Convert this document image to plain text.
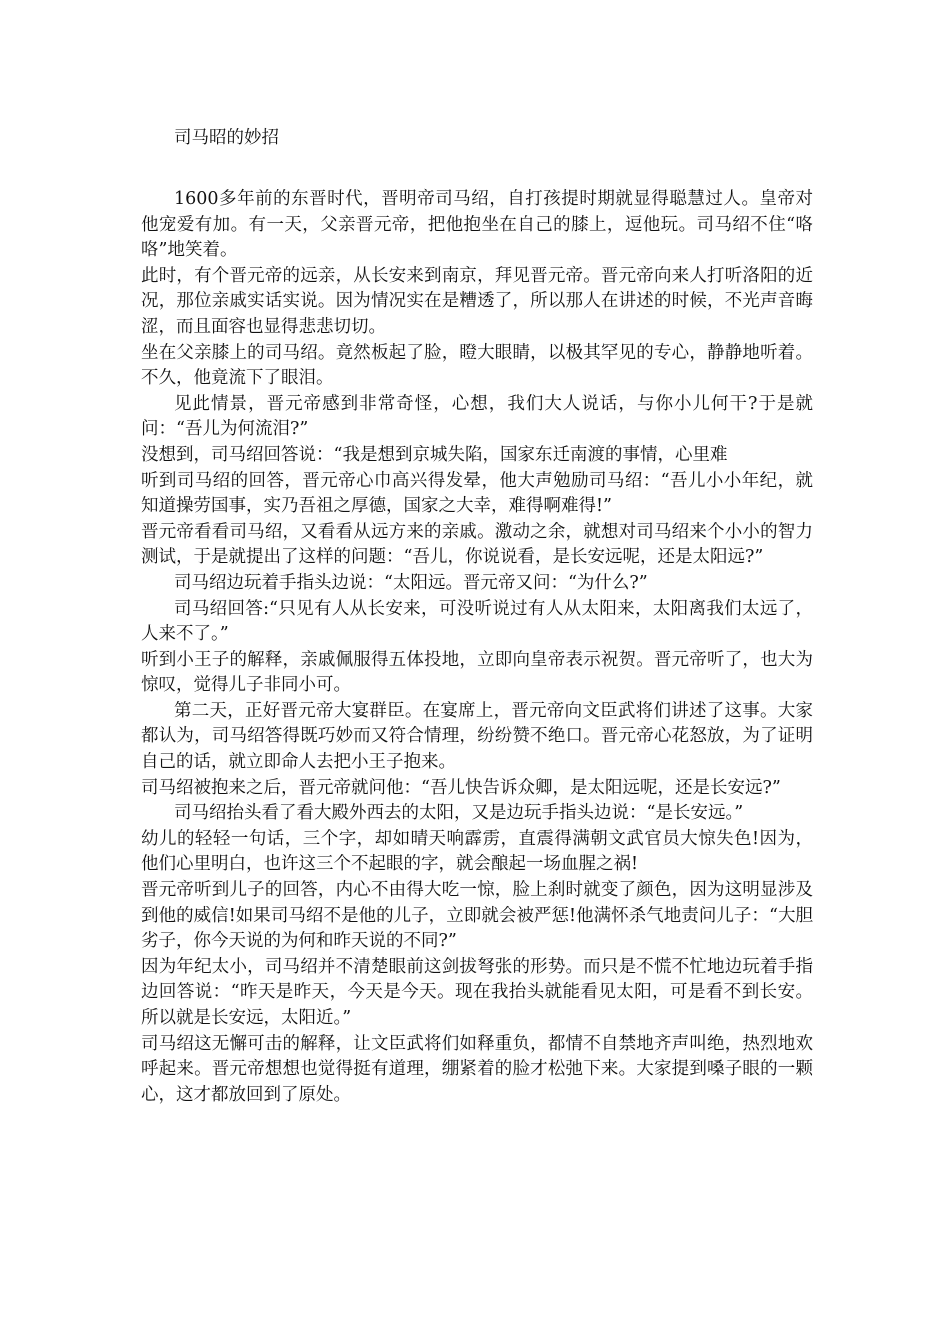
司马昭的妙招

1600多年前的东晋时代，晋明帝司马绍，自打孩提时期就显得聪慧过人。皇帝对他宠爱有加。有一天，父亲晋元帝，把他抱坐在自己的膝上，逗他玩。司马绍不住“咯咯”地笑着。

此时，有个晋元帝的远亲，从长安来到南京，拜见晋元帝。晋元帝向来人打听洛阳的近况，那位亲戚实话实说。因为情况实在是糟透了，所以那人在讲述的时候，不光声音晦涩，而且面容也显得悲悲切切。

坐在父亲膝上的司马绍。竟然板起了脸，瞪大眼睛，以极其罕见的专心，静静地听着。不久，他竟流下了眼泪。

见此情景，晋元帝感到非常奇怪，心想，我们大人说话，与你小儿何干?于是就问：“吾儿为何流泪?”

没想到，司马绍回答说：“我是想到京城失陷，国家东迁南渡的事情，心里难

听到司马绍的回答，晋元帝心巾高兴得发晕，他大声勉励司马绍：“吾儿小小年纪，就知道操劳国事，实乃吾祖之厚德，国家之大幸，难得啊难得!”

晋元帝看看司马绍，又看看从远方来的亲戚。激动之余，就想对司马绍来个小小的智力测试，于是就提出了这样的问题：“吾儿，你说说看，是长安远呢，还是太阳远?”

司马绍边玩着手指头边说：“太阳远。晋元帝又问：“为什么?”

司马绍回答:“只见有人从长安来，可没听说过有人从太阳来，太阳离我们太远了，人来不了。”

听到小王子的解释，亲戚佩服得五体投地，立即向皇帝表示祝贺。晋元帝听了，也大为惊叹，觉得儿子非同小可。

第二天，正好晋元帝大宴群臣。在宴席上，晋元帝向文臣武将们讲述了这事。大家都认为，司马绍答得既巧妙而又符合情理，纷纷赞不绝口。晋元帝心花怒放，为了证明自己的话，就立即命人去把小王子抱来。

司马绍被抱来之后，晋元帝就问他：“吾儿快告诉众卿，是太阳远呢，还是长安远?”

司马绍抬头看了看大殿外西去的太阳，又是边玩手指头边说：“是长安远。”

幼儿的轻轻一句话，三个字，却如晴天响霹雳，直震得满朝文武官员大惊失色!因为，他们心里明白，也许这三个不起眼的字，就会酿起一场血腥之祸!

晋元帝听到儿子的回答，内心不由得大吃一惊，脸上刹时就变了颜色，因为这明显涉及到他的威信!如果司马绍不是他的儿子，立即就会被严惩!他满怀杀气地责问儿子：“大胆劣子，你今天说的为何和昨天说的不同?”

因为年纪太小，司马绍并不清楚眼前这剑拔弩张的形势。而只是不慌不忙地边玩着手指边回答说：“昨天是昨天，今天是今天。现在我抬头就能看见太阳，可是看不到长安。所以就是长安远，太阳近。”

司马绍这无懈可击的解释，让文臣武将们如释重负，都情不自禁地齐声叫绝，热烈地欢呼起来。晋元帝想想也觉得挺有道理，绷紧着的脸才松弛下来。大家提到嗓子眼的一颗心，这才都放回到了原处。
